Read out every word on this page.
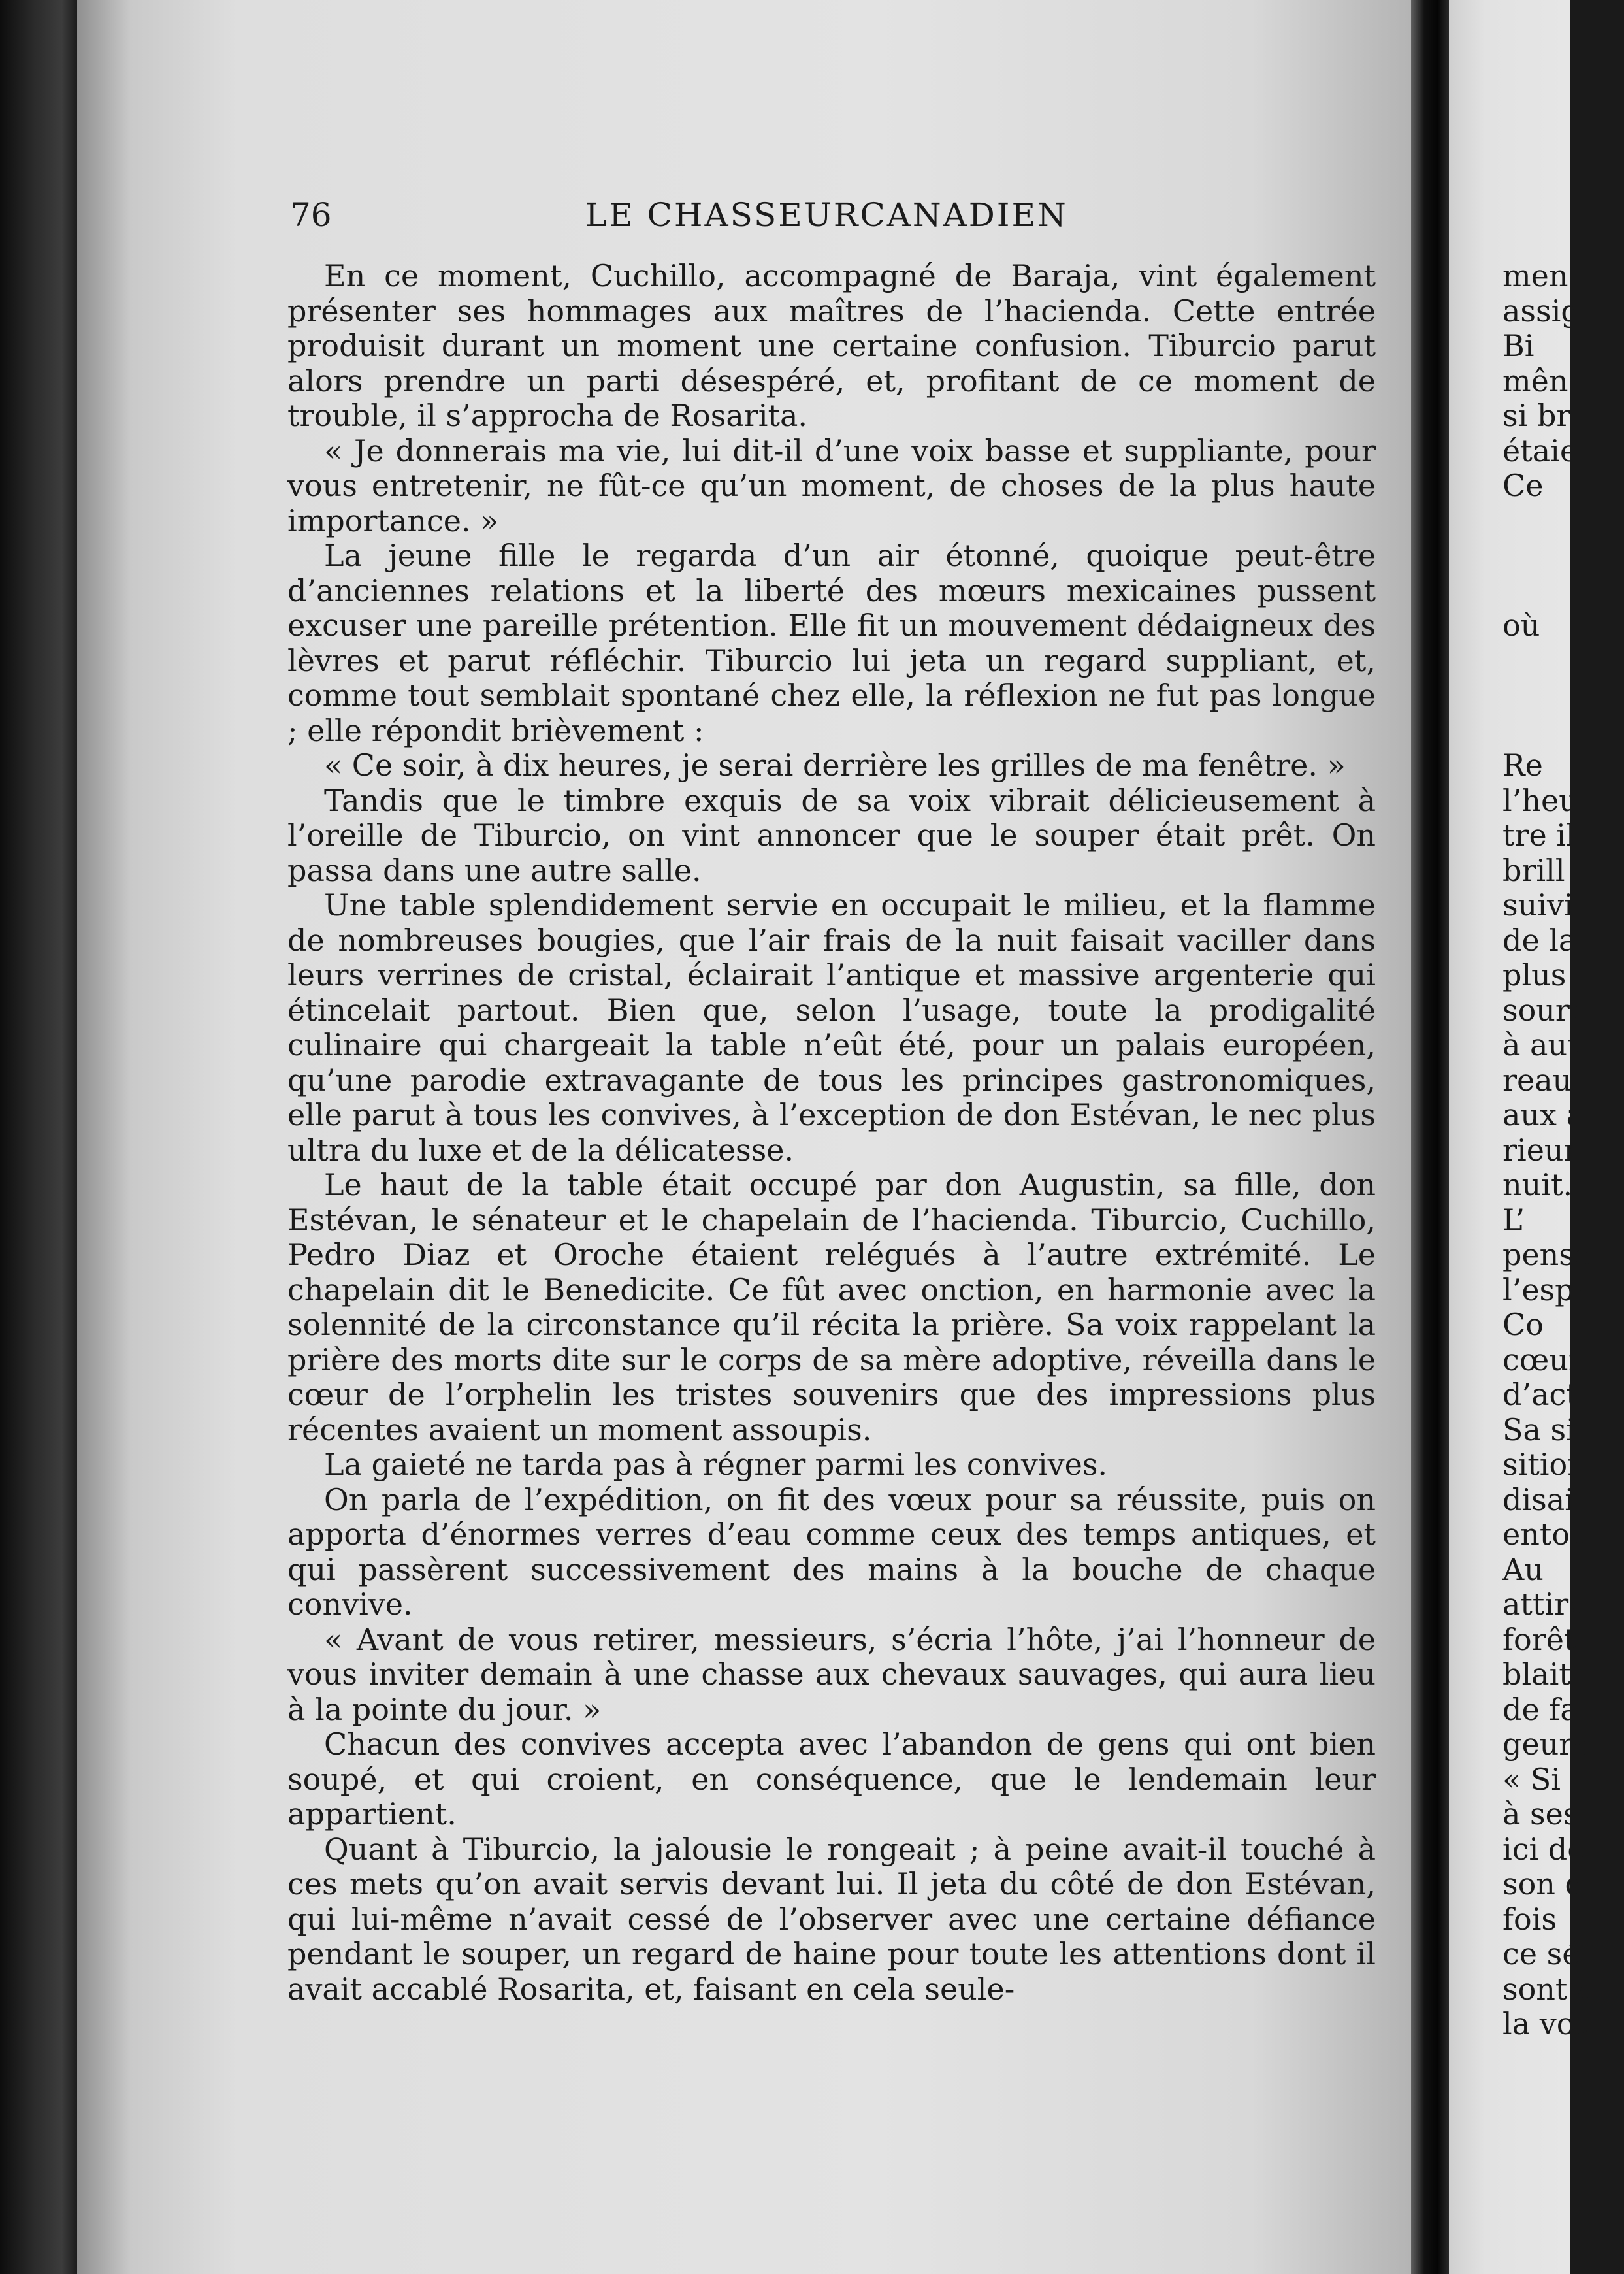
76	LE CHASSEURCANADIEN

En ce moment, Cuchillo, accompagné de Baraja, vint également présenter ses hommages aux maîtres de l’hacienda. Cette entrée produisit durant un moment une certaine confusion. Tiburcio parut alors prendre un parti désespéré, et, profitant de ce moment de trouble, il s’approcha de Rosarita.

« Je donnerais ma vie, lui dit-il d’une voix basse et suppliante, pour vous entretenir, ne fût-ce qu’un moment, de choses de la plus haute importance. »

La jeune fille le regarda d’un air étonné, quoique peut-être d’anciennes relations et la liberté des mœurs mexicaines pussent excuser une pareille prétention. Elle fit un mouvement dédaigneux des lèvres et parut réfléchir. Tiburcio lui jeta un regard suppliant, et, comme tout semblait spontané chez elle, la réflexion ne fut pas longue ; elle répondit brièvement :

« Ce soir, à dix heures, je serai derrière les grilles de ma fenêtre. »

Tandis que le timbre exquis de sa voix vibrait délicieusement à l’oreille de Tiburcio, on vint annoncer que le souper était prêt. On passa dans une autre salle.

Une table splendidement servie en occupait le milieu, et la flamme de nombreuses bougies, que l’air frais de la nuit faisait vaciller dans leurs verrines de cristal, éclairait l’antique et massive argenterie qui étincelait partout. Bien que, selon l’usage, toute la prodigalité culinaire qui chargeait la table n’eût été, pour un palais européen, qu’une parodie extravagante de tous les principes gastronomiques, elle parut à tous les convives, à l’exception de don Estévan, le nec plus ultra du luxe et de la délicatesse.

Le haut de la table était occupé par don Augustin, sa fille, don Estévan, le sénateur et le chapelain de l’hacienda. Tiburcio, Cuchillo, Pedro Diaz et Oroche étaient relégués à l’autre extrémité. Le chapelain dit le Benedicite. Ce fût avec onction, en harmonie avec la solennité de la circonstance qu’il récita la prière. Sa voix rappelant la prière des morts dite sur le corps de sa mère adoptive, réveilla dans le cœur de l’orphelin les tristes souvenirs que des impressions plus récentes avaient un moment assoupis.

La gaieté ne tarda pas à régner parmi les convives.

On parla de l’expédition, on fit des vœux pour sa réussite, puis on apporta d’énormes verres d’eau comme ceux des temps antiques, et qui passèrent successivement des mains à la bouche de chaque convive.

« Avant de vous retirer, messieurs, s’écria l’hôte, j’ai l’honneur de vous inviter demain à une chasse aux chevaux sauvages, qui aura lieu à la pointe du jour. »

Chacun des convives accepta avec l’abandon de gens qui ont bien soupé, et qui croient, en conséquence, que le lendemain leur appartient.

Quant à Tiburcio, la jalousie le rongeait ; à peine avait-il touché à ces mets qu’on avait servis devant lui. Il jeta du côté de don Estévan, qui lui-même n’avait cessé de l’observer avec une certaine défiance pendant le souper, un regard de haine pour toute les attentions dont il avait accablé Rosarita, et, faisant en cela seule-

men
assig
Bi
mên
si br
étaie
Ce
où
Re
l’heu
tre il
brill
suivi
de la
plus
sourc
à aut
reau
aux a
rieur
nuit.
L’
pense
l’espr
Co
cœur
d’acti
Sa si
sition
disai
entou
Au
attira
forêt.
blait
de fai
geurs
« Si
à ses
ici de
son d
fois 1
ce sén
sont a
la vot
